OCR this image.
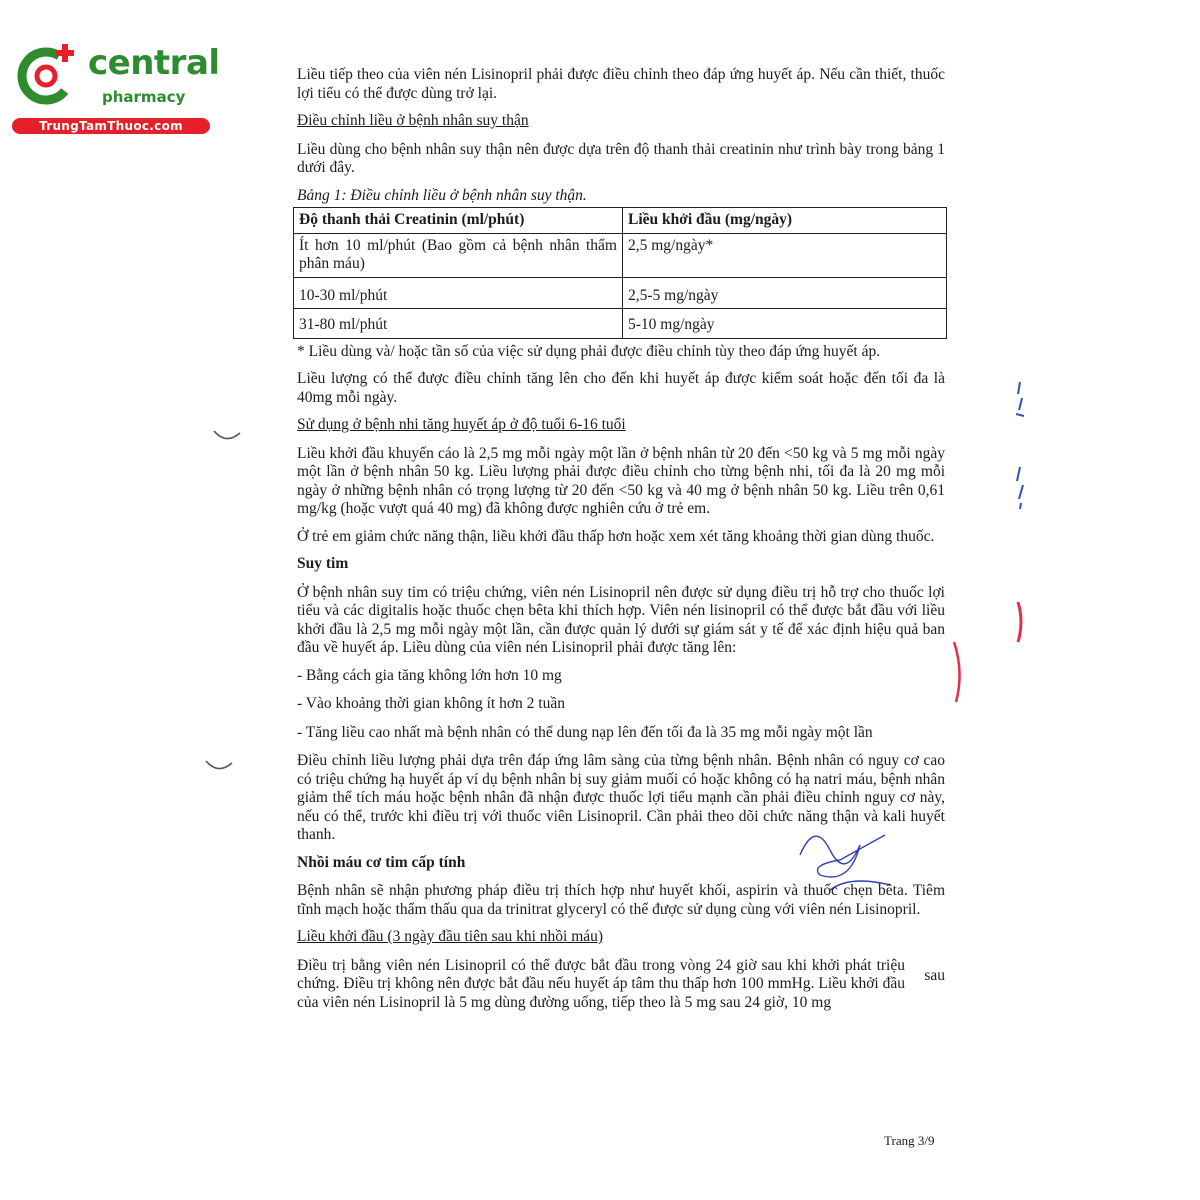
central
pharmacy
TrungTamThuoc.com

Liều tiếp theo của viên nén Lisinopril phải được điều chỉnh theo đáp ứng huyết áp. Nếu cần thiết, thuốc lợi tiểu có thể được dùng trở lại.

Điều chỉnh liều ở bệnh nhân suy thận

Liều dùng cho bệnh nhân suy thận nên được dựa trên độ thanh thải creatinin như trình bày trong bảng 1 dưới đây.

Bảng 1: Điều chỉnh liều ở bệnh nhân suy thận.

Độ thanh thải Creatinin (ml/phút)	Liều khởi đầu (mg/ngày)
Ít hơn 10 ml/phút (Bao gồm cả bệnh nhân thẩm phân máu)	2,5 mg/ngày*
10-30 ml/phút	2,5-5 mg/ngày
31-80 ml/phút	5-10 mg/ngày

* Liều dùng và/ hoặc tần số của việc sử dụng phải được điều chỉnh tùy theo đáp ứng huyết áp.

Liều lượng có thể được điều chỉnh tăng lên cho đến khi huyết áp được kiểm soát hoặc đến tối đa là 40mg mỗi ngày.

Sử dụng ở bệnh nhi tăng huyết áp ở độ tuổi 6-16 tuổi

Liều khởi đầu khuyến cáo là 2,5 mg mỗi ngày một lần ở bệnh nhân từ 20 đến <50 kg và 5 mg mỗi ngày một lần ở bệnh nhân 50 kg. Liều lượng phải được điều chỉnh cho từng bệnh nhi, tối đa là 20 mg mỗi ngày ở những bệnh nhân có trọng lượng từ 20 đến <50 kg và 40 mg ở bệnh nhân 50 kg. Liều trên 0,61 mg/kg (hoặc vượt quá 40 mg) đã không được nghiên cứu ở trẻ em.

Ở trẻ em giảm chức năng thận, liều khởi đầu thấp hơn hoặc xem xét tăng khoảng thời gian dùng thuốc.

Suy tim

Ở bệnh nhân suy tim có triệu chứng, viên nén Lisinopril nên được sử dụng điều trị hỗ trợ cho thuốc lợi tiểu và các digitalis hoặc thuốc chẹn bêta khi thích hợp. Viên nén lisinopril có thể được bắt đầu với liều khởi đầu là 2,5 mg mỗi ngày một lần, cần được quản lý dưới sự giám sát y tế để xác định hiệu quả ban đầu về huyết áp. Liều dùng của viên nén Lisinopril phải được tăng lên:

- Bằng cách gia tăng không lớn hơn 10 mg

- Vào khoảng thời gian không ít hơn 2 tuần

- Tăng liều cao nhất mà bệnh nhân có thể dung nạp lên đến tối đa là 35 mg mỗi ngày một lần

Điều chỉnh liều lượng phải dựa trên đáp ứng lâm sàng của từng bệnh nhân. Bệnh nhân có nguy cơ cao có triệu chứng hạ huyết áp ví dụ bệnh nhân bị suy giảm muối có hoặc không có hạ natri máu, bệnh nhân giảm thể tích máu hoặc bệnh nhân đã nhận được thuốc lợi tiểu mạnh cần phải điều chỉnh nguy cơ này, nếu có thể, trước khi điều trị với thuốc viên Lisinopril. Cần phải theo dõi chức năng thận và kali huyết thanh.

Nhồi máu cơ tim cấp tính

Bệnh nhân sẽ nhận phương pháp điều trị thích hợp như huyết khối, aspirin và thuốc chẹn bêta. Tiêm tĩnh mạch hoặc thẩm thấu qua da trinitrat glyceryl có thể được sử dụng cùng với viên nén Lisinopril.

Liều khởi đầu (3 ngày đầu tiên sau khi nhồi máu)

Điều trị bằng viên nén Lisinopril có thể được bắt đầu trong vòng 24 giờ sau khi khởi phát triệu chứng. Điều trị không nên được bắt đầu nếu huyết áp tâm thu thấp hơn 100 mmHg. Liều khởi đầu của viên nén Lisinopril là 5 mg dùng đường uống, tiếp theo là 5 mg sau 24 giờ, 10 mg

sau
Trang 3/9
